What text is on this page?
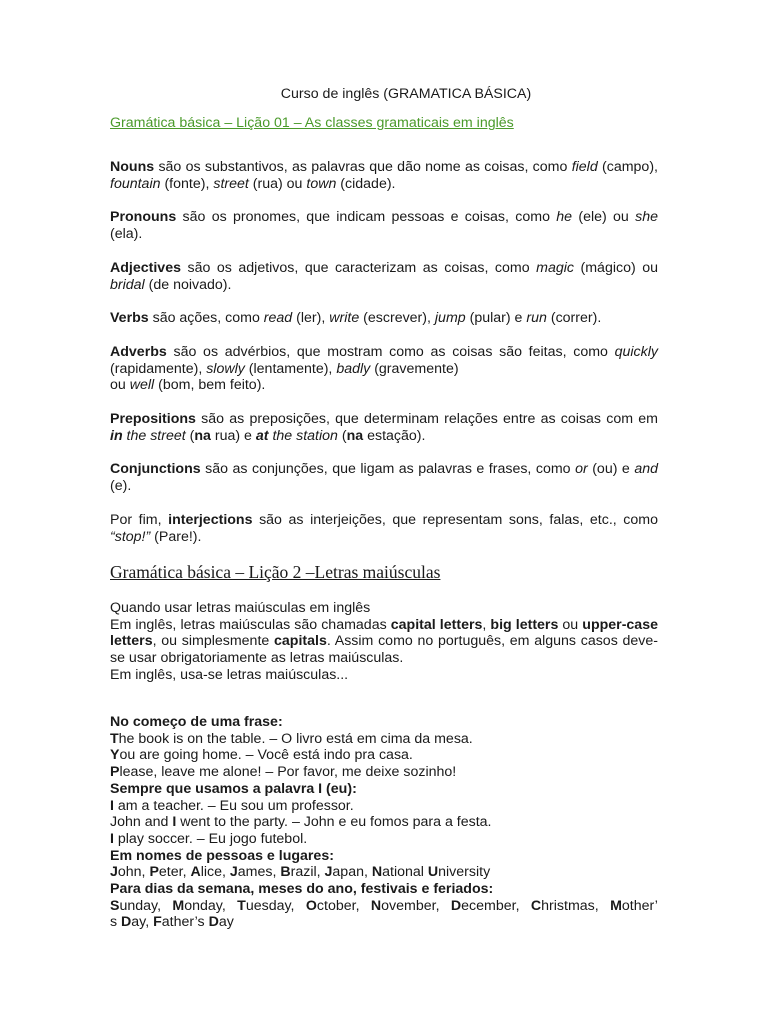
Curso de inglês (GRAMATICA BÁSICA)
Gramática básica – Lição 01 – As classes gramaticais em inglês
Nouns são os substantivos, as palavras que dão nome as coisas, como field (campo), fountain (fonte), street (rua) ou town (cidade).
Pronouns são os pronomes, que indicam pessoas e coisas, como he (ele) ou she (ela).
Adjectives são os adjetivos, que caracterizam as coisas, como magic (mágico) ou bridal (de noivado).
Verbs são ações, como read (ler), write (escrever), jump (pular) e run (correr).
Adverbs são os advérbios, que mostram como as coisas são feitas, como quickly (rapidamente), slowly (lentamente), badly (gravemente)
ou well (bom, bem feito).
Prepositions são as preposições, que determinam relações entre as coisas com em in the street (na rua) e at the station (na estação).
Conjunctions são as conjunções, que ligam as palavras e frases, como or (ou) e and (e).
Por fim, interjections são as interjeições, que representam sons, falas, etc., como “stop!” (Pare!).
Gramática básica – Lição 2 –Letras maiúsculas
Quando usar letras maiúsculas em inglês
Em inglês, letras maiúsculas são chamadas capital letters, big letters ou upper-case letters, ou simplesmente capitals. Assim como no português, em alguns casos deve-se usar obrigatoriamente as letras maiúsculas.
Em inglês, usa-se letras maiúsculas...
No começo de uma frase:
The book is on the table. – O livro está em cima da mesa.
You are going home. – Você está indo pra casa.
Please, leave me alone! – Por favor, me deixe sozinho!
Sempre que usamos a palavra I (eu):
I am a teacher. – Eu sou um professor.
John and I went to the party. – John e eu fomos para a festa.
I play soccer. – Eu jogo futebol.
Em nomes de pessoas e lugares:
John, Peter, Alice, James, Brazil, Japan, National University
Para dias da semana, meses do ano, festivais e feriados:
Sunday, Monday, Tuesday, October, November, December, Christmas, Mother’
s Day, Father’s Day
